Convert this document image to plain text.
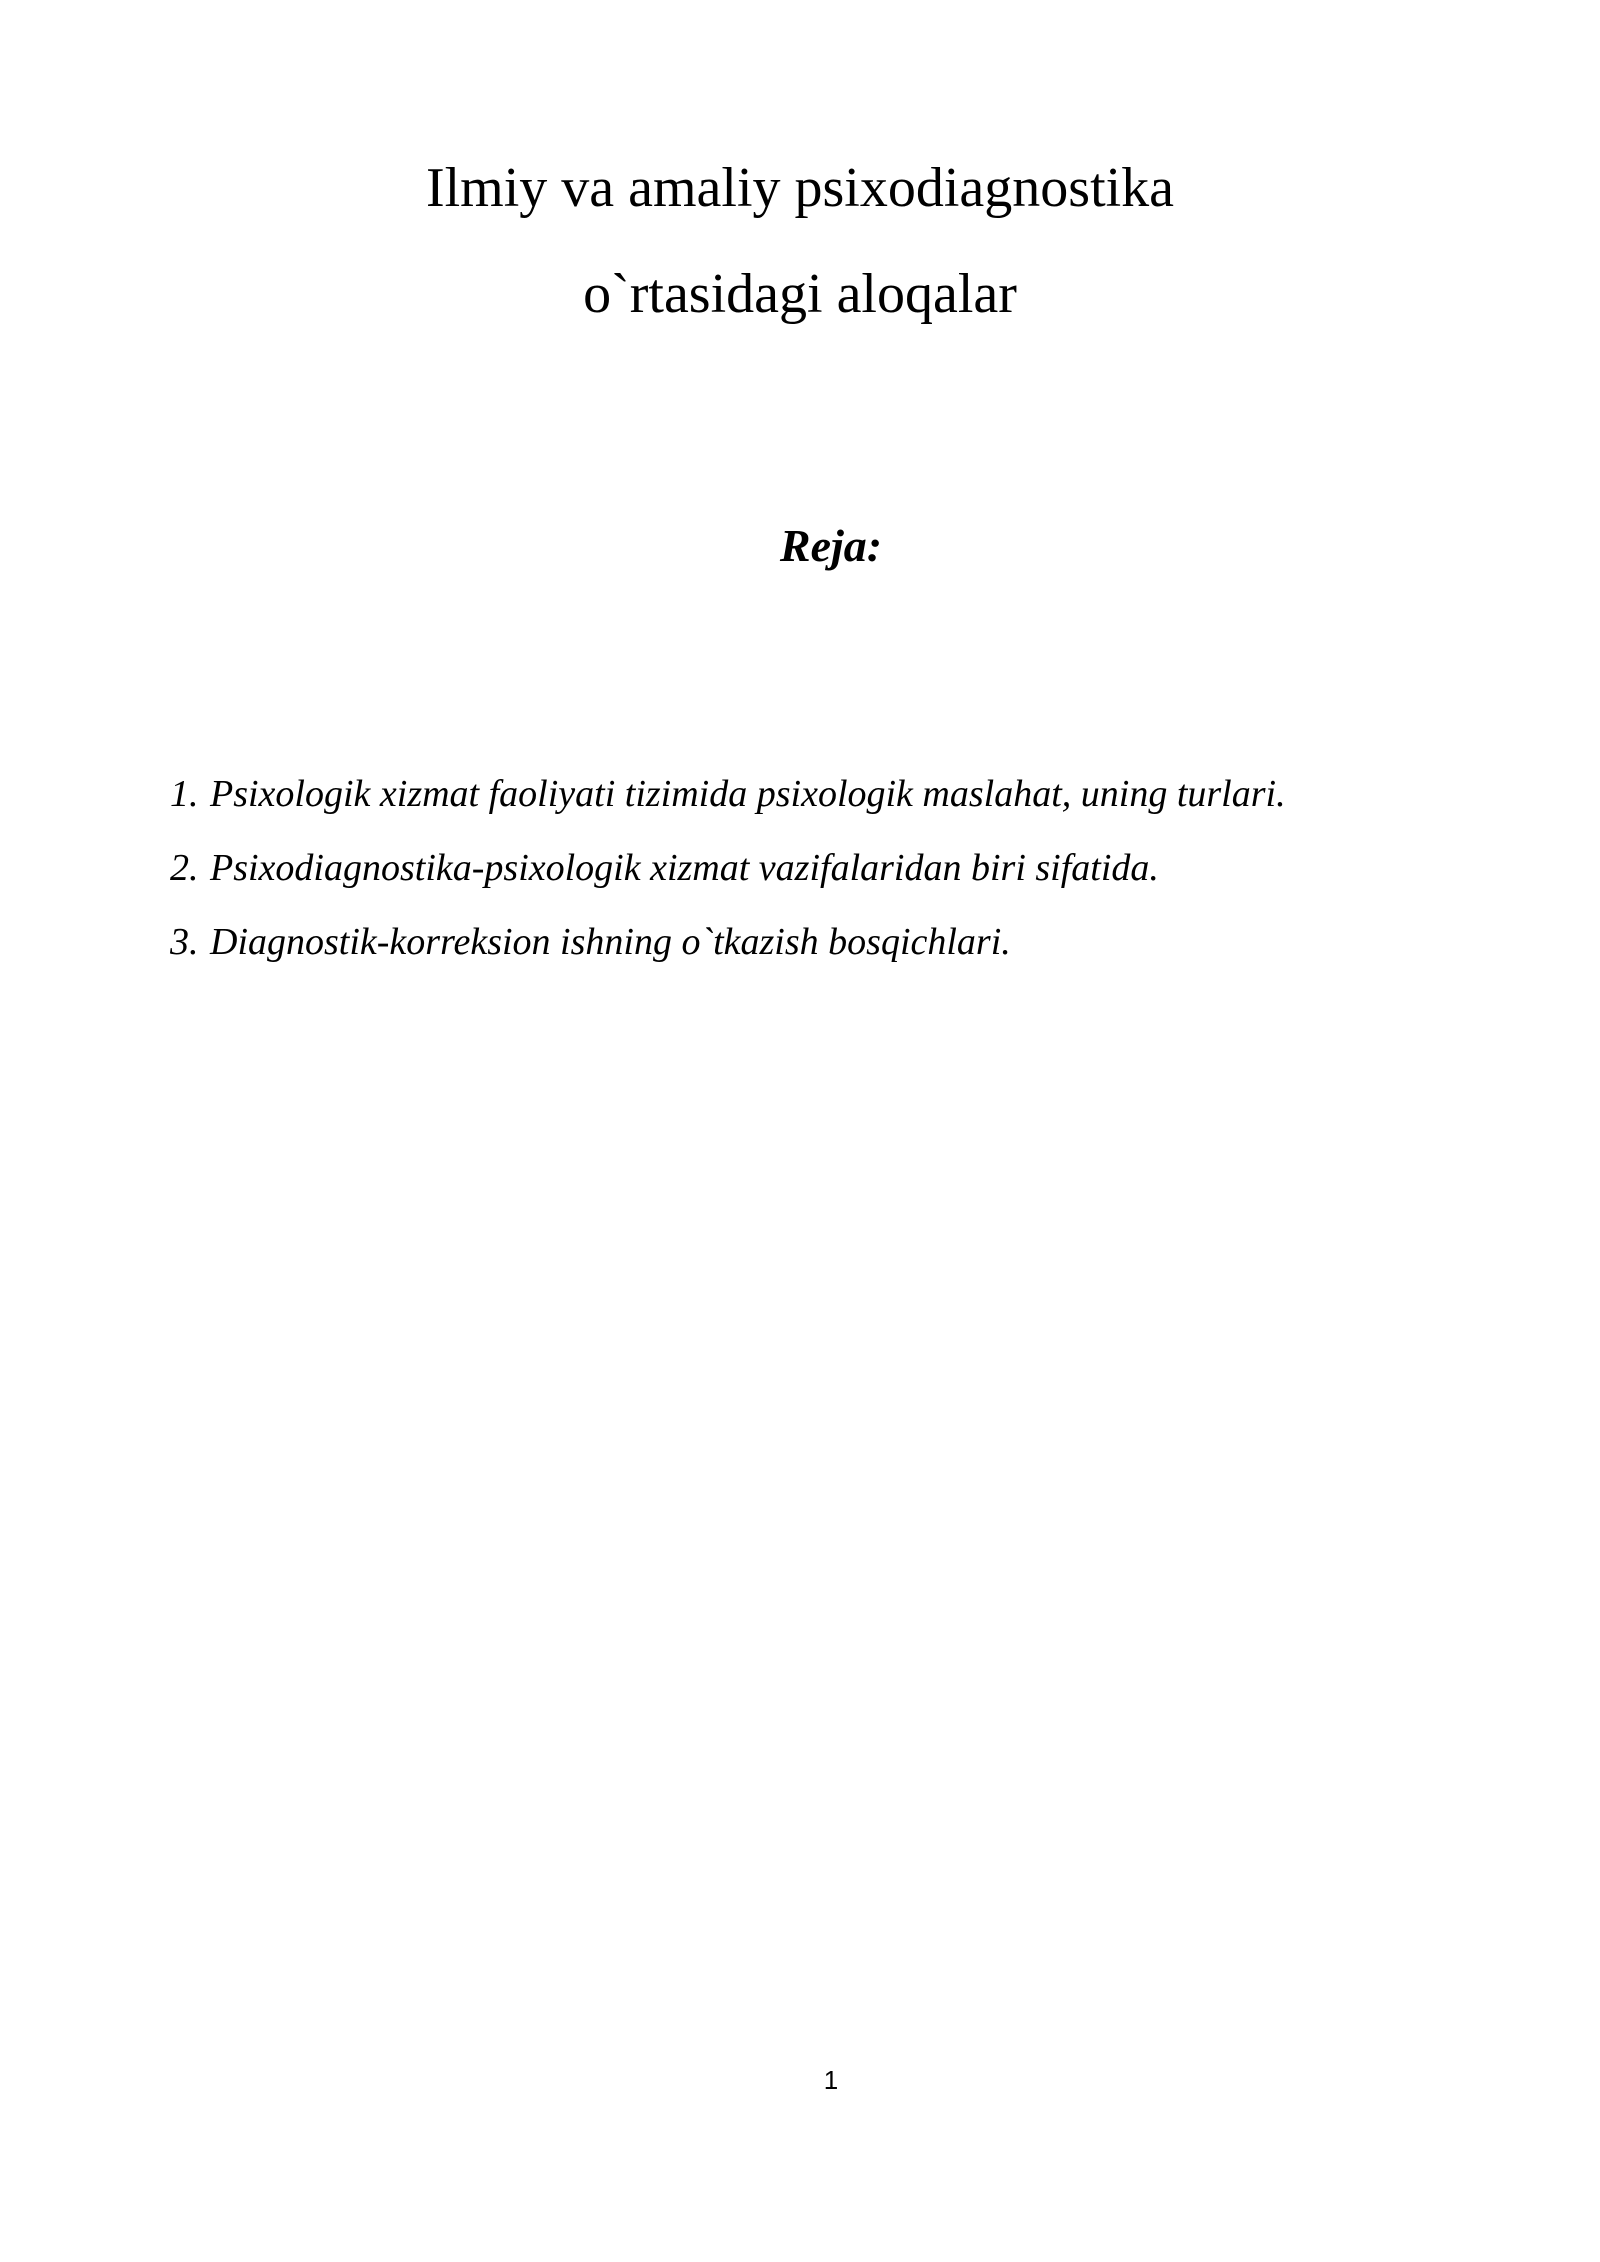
Ilmiy va amaliy psixodiagnostika
o`rtasidagi aloqalar
Reja:
1. Psixologik xizmat faoliyati tizimida psixologik maslahat, uning turlari.
2. Psixodiagnostika-psixologik xizmat vazifalaridan biri sifatida.
3. Diagnostik-korreksion ishning o`tkazish bosqichlari.
1
